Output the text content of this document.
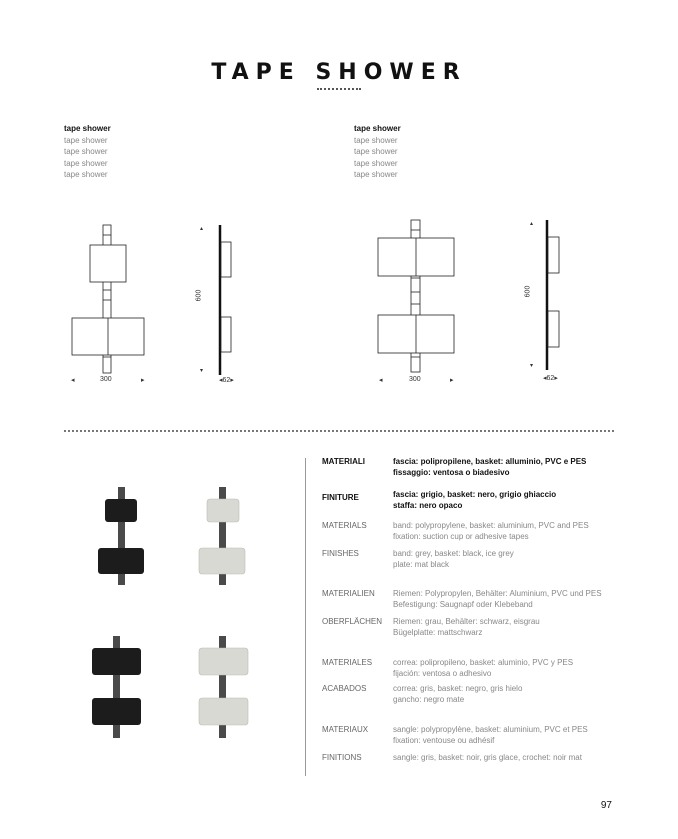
TAPE SHOWER
tape shower
tape shower
tape shower
tape shower
tape shower
tape shower
tape shower
tape shower
tape shower
tape shower
300
◂	▸
▴
▾
600
◂62▸	300
◂	▸
▴
▾
600
◂62▸
MATERIALI	fascia: polipropilene, basket: alluminio, PVC e PES
fissaggio: ventosa o biadesivo
FINITURE	fascia: grigio, basket: nero, grigio ghiaccio
staffa: nero opaco
MATERIALS	band: polypropylene, basket: aluminium, PVC and PES
fixation: suction cup or adhesive tapes
FINISHES	band: grey, basket: black, ice grey
plate: mat black
MATERIALIEN Riemen: Polypropylen, Behälter: Aluminium, PVC und PES
Befestigung: Saugnapf oder Klebeband
OBERFLÄCHEN Riemen: grau, Behälter: schwarz, eisgrau
Bügelplatte: mattschwarz
MATERIALES	correa: polipropileno, basket: aluminio, PVC y PES
fijación: ventosa o adhesivo
ACABADOS	correa: gris, basket: negro, gris hielo
gancho: negro mate
MATERIAUX	sangle: polypropylène, basket: aluminium, PVC et PES
fixation: ventouse ou adhésif
FINITIONS	sangle: gris, basket: noir, gris glace, crochet: noir mat
97
